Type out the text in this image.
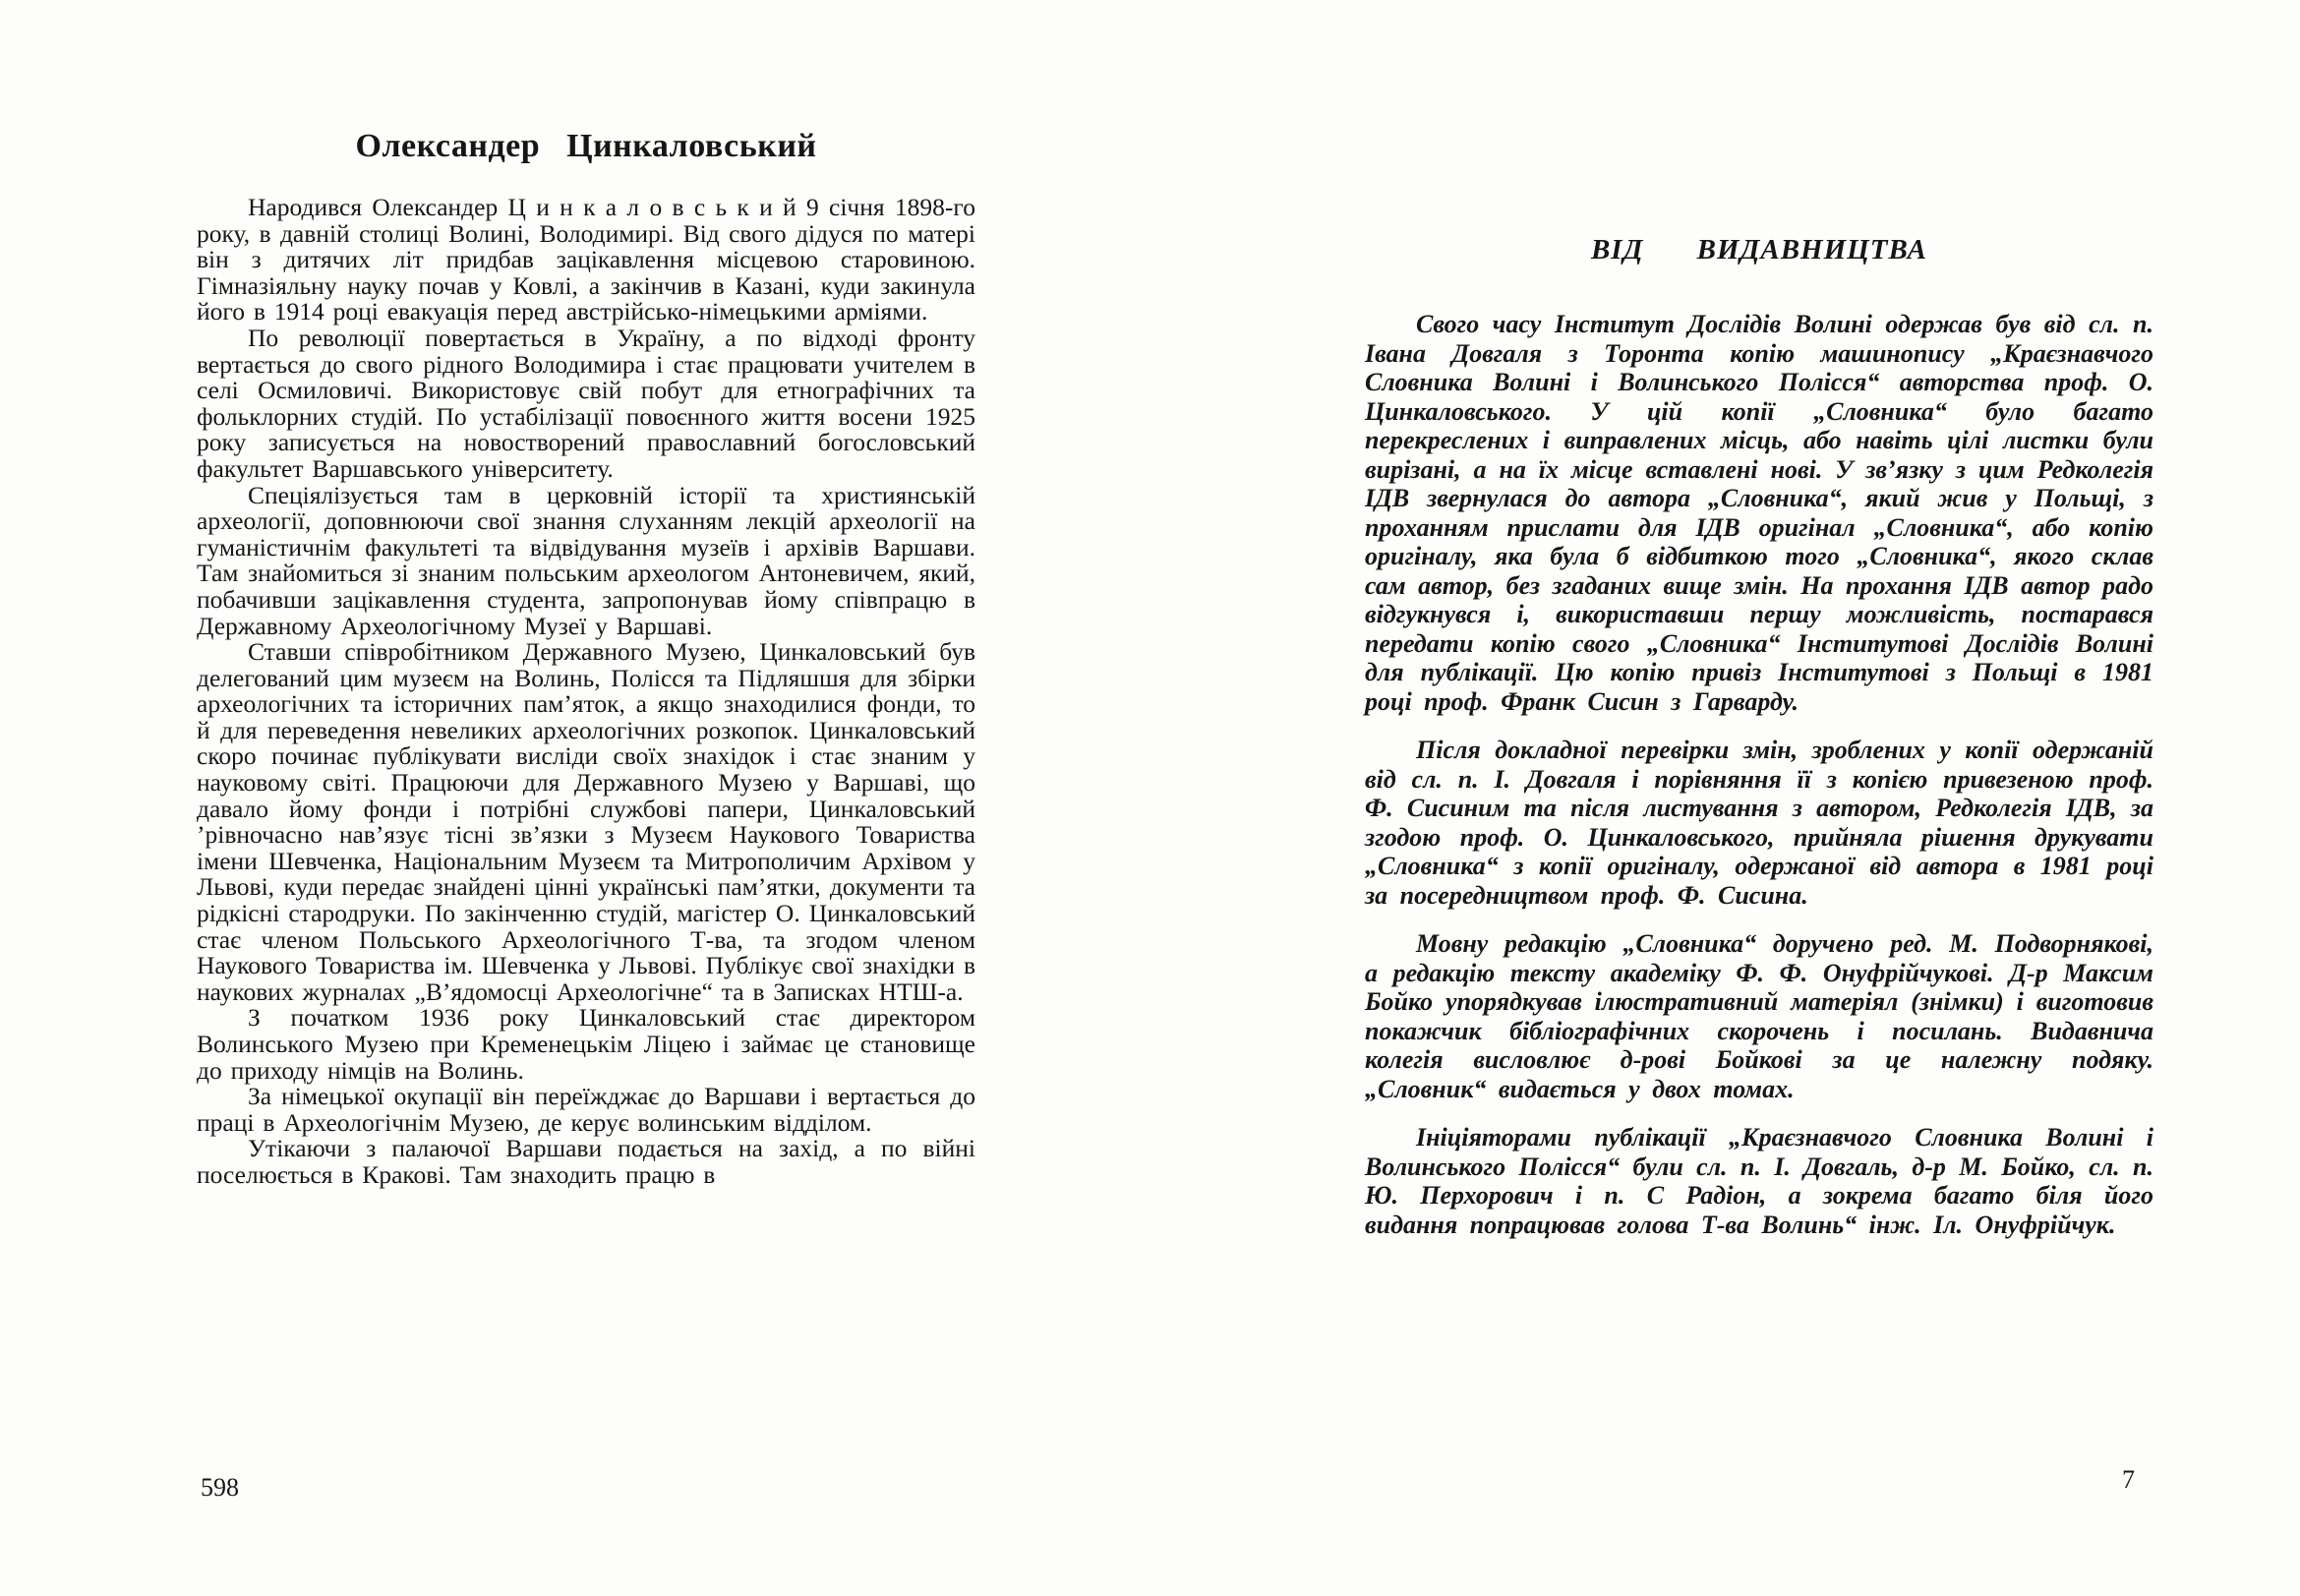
Олександер Цинкаловський

Народився Олександер Ц и н к а л о в с ь к и й 9 січня 1898-го року, в давній столиці Волині, Володимирі. Від свого дідуся по матері він з дитячих літ придбав зацікавлення місцевою старовиною. Гімназіяльну науку почав у Ковлі, а закінчив в Казані, куди закинула його в 1914 році евакуація перед австрійсько-німецькими арміями.

По революції повертається в Україну, а по відході фронту вертається до свого рідного Володимира і стає працювати учителем в селі Осмиловичі. Використовує свій побут для етнографічних та фольклорних студій. По устабілізації повоєнного життя восени 1925 року записується на новостворений православний богословський факультет Варшавського університету.

Спеціялізується там в церковній історії та християнській археології, доповнюючи свої знання слуханням лекцій археології на гуманістичнім факультеті та відвідування музеїв і архівів Варшави. Там знайомиться зі знаним польським археологом Антоневичем, який, побачивши зацікавлення студента, запропонував йому співпрацю в Державному Археологічному Музеї у Варшаві.

Ставши співробітником Державного Музею, Цинкаловський був делегований цим музеєм на Волинь, Полісся та Підляшшя для збірки археологічних та історичних пам’яток, а якщо знаходилися фонди, то й для переведення невеликих археологічних розкопок. Цинкаловський скоро починає публікувати висліди своїх знахідок і стає знаним у науковому світі. Працюючи для Державного Музею у Варшаві, що давало йому фонди і потрібні службові папери, Цинкаловський ’рівночасно нав’язує тісні зв’язки з Музеєм Наукового Товариства імени Шевченка, Національним Музеєм та Митрополичим Архівом у Львові, куди передає знайдені цінні українські пам’ятки, документи та рідкісні стародруки. По закінченню студій, магістер О. Цинкаловський стає членом Польського Археологічного Т-ва, та згодом членом Наукового Товариства ім. Шевченка у Львові. Публікує свої знахідки в наукових журналах „В’ядомосці Археологічне“ та в Записках НТШ-а.

З початком 1936 року Цинкаловський стає директором Волинського Музею при Кременецькім Ліцею і займає це становище до приходу німців на Волинь.

За німецької окупації він переїжджає до Варшави і вертається до праці в Археологічнім Музею, де керує волинським відділом.

Утікаючи з палаючої Варшави подається на захід, а по війні поселюється в Кракові. Там знаходить працю в

ВІД ВИДАВНИЦТВА

Свого часу Інститут Дослідів Волині одержав був від сл. п. Івана Довгаля з Торонта копію машинопису „Краєзнавчого Словника Волині і Волинського Полісся“ авторства проф. О. Цинкаловського. У цій копії „Словника“ було багато перекреслених і виправлених місць, або навіть цілі листки були вирізані, а на їх місце вставлені нові. У зв’язку з цим Редколегія ІДВ звернулася до автора „Словника“, який жив у Польщі, з проханням прислати для ІДВ оригінал „Словника“, або копію оригіналу, яка була б відбиткою того „Словника“, якого склав сам автор, без згаданих вище змін. На прохання ІДВ автор радо відгукнувся і, використавши першу можливість, постарався передати копію свого „Словника“ Інститутові Дослідів Волині для публікації. Цю копію привіз Інститутові з Польщі в 1981 році проф. Франк Сисин з Гарварду.

Після докладної перевірки змін, зроблених у копії одержаній від сл. п. І. Довгаля і порівняння її з копією привезеною проф. Ф. Сисиним та після листування з автором, Редколегія ІДВ, за згодою проф. О. Цинкаловського, прийняла рішення друкувати „Словника“ з копії оригіналу, одержаної від автора в 1981 році за посередництвом проф. Ф. Сисина.

Мовну редакцію „Словника“ доручено ред. М. Подворнякові, а редакцію тексту академіку Ф. Ф. Онуфрійчукові. Д-р Максим Бойко упорядкував ілюстративний матеріял (знімки) і виготовив покажчик бібліографічних скорочень і посилань. Видавнича колегія висловлює д-рові Бойкові за це належну подяку. „Словник“ видається у двох томах.

Ініціяторами публікації „Краєзнавчого Словника Волині і Волинського Полісся“ були сл. п. І. Довгаль, д-р М. Бойко, сл. п. Ю. Перхорович і п. С Радіон, а зокрема багато біля його видання попрацював голова Т-ва Волинь“ інж. Іл. Онуфрійчук.

598	7
